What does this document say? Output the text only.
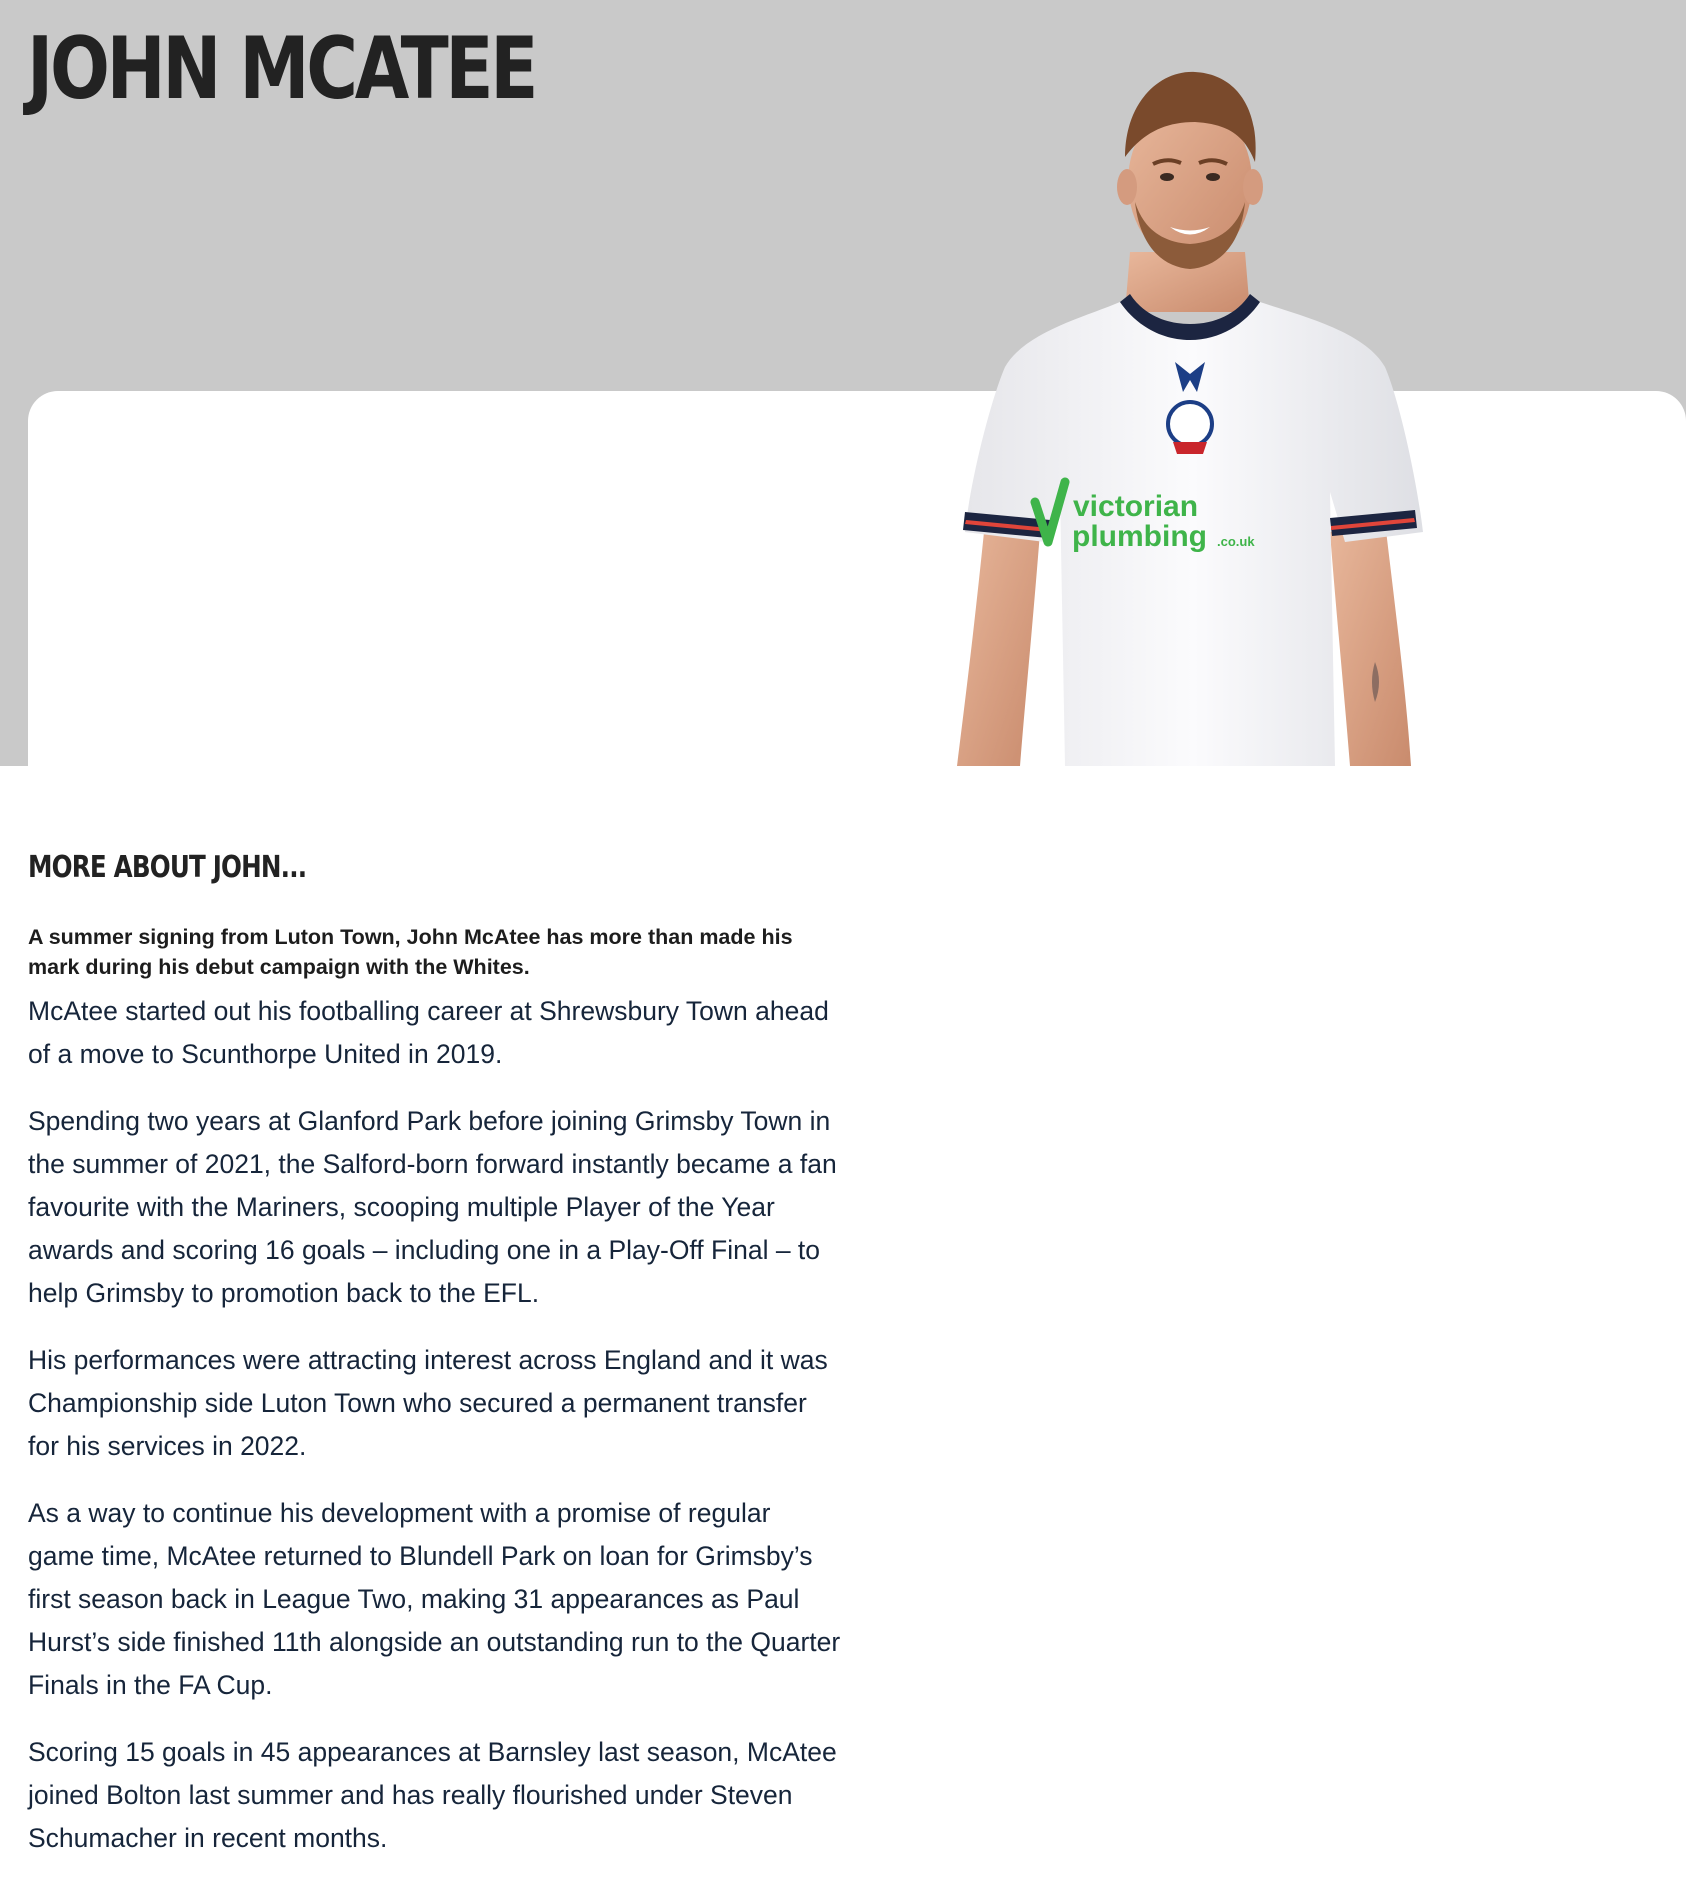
JOHN MCATEE
victorian
plumbing .co.uk
MORE ABOUT JOHN...

A summer signing from Luton Town, John McAtee has more than made his mark during his debut campaign with the Whites.

McAtee started out his footballing career at Shrewsbury Town ahead of a move to Scunthorpe United in 2019.

Spending two years at Glanford Park before joining Grimsby Town in the summer of 2021, the Salford-born forward instantly became a fan favourite with the Mariners, scooping multiple Player of the Year awards and scoring 16 goals – including one in a Play-Off Final – to help Grimsby to promotion back to the EFL.

His performances were attracting interest across England and it was Championship side Luton Town who secured a permanent transfer for his services in 2022.

As a way to continue his development with a promise of regular game time, McAtee returned to Blundell Park on loan for Grimsby’s first season back in League Two, making 31 appearances as Paul Hurst’s side finished 11th alongside an outstanding run to the Quarter Finals in the FA Cup.

Scoring 15 goals in 45 appearances at Barnsley last season, McAtee joined Bolton last summer and has really flourished under Steven Schumacher in recent months.
